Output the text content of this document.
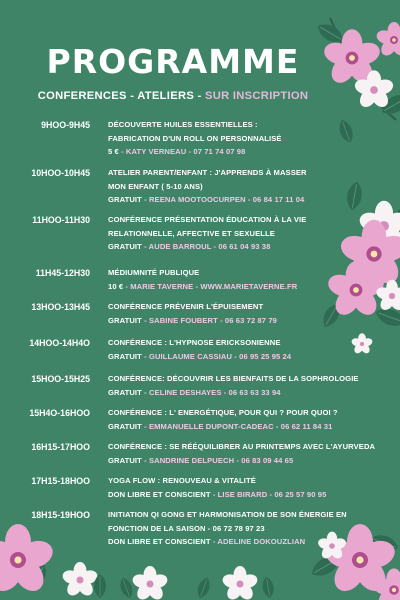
PROGRAMME
CONFERENCES - ATELIERS - SUR INSCRIPTION
9HOO-9H45 DÉCOUVERTE HUILES ESSENTIELLES :
FABRICATION D'UN ROLL ON PERSONNALISÉ
5 € - KATY VERNEAU - 07 71 74 07 98
10HOO-10H45 ATELIER PARENT/ENFANT : J'APPRENDS À MASSER
MON ENFANT ( 5-10 ANS)
GRATUIT - REENA MOOTOOCURPEN - 06 84 17 11 04
11HOO-11H30 CONFÉRENCE PRÉSENTATION ÉDUCATION À LA VIE
RELATIONNELLE, AFFECTIVE ET SEXUELLE
GRATUIT - AUDE BARROUL - 06 61 04 93 38
11H45-12H30 MÉDIUMNITÉ PUBLIQUE
10 € - MARIE TAVERNE - WWW.MARIETAVERNE.FR
13HOO-13H45 CONFÉRENCE PRÉVENIR L'ÉPUISEMENT
GRATUIT - SABINE FOUBERT - 06 63 72 87 79
14HOO-14H4O CONFÉRENCE : L'HYPNOSE ERICKSONIENNE
GRATUIT - GUILLAUME CASSIAU - 06 95 25 95 24
15HOO-15H25 CONFÉRENCE: DÉCOUVRIR LES BIENFAITS DE LA SOPHROLOGIE
GRATUIT - CELINE DESHAYES - 06 63 63 33 94
15H4O-16HOO CONFÉRENCE : L' ENERGÉTIQUE, POUR QUI ? POUR QUOI ?
GRATUIT - EMMANUELLE DUPONT-CADEAC - 06 62 11 84 31
16H15-17HOO CONFÉRENCE : SE RÉÉQUILIBRER AU PRINTEMPS AVEC L'AYURVEDA
GRATUIT - SANDRINE DELPUECH - 06 83 09 44 65
17H15-18HOO YOGA FLOW : RENOUVEAU & VITALITÉ
DON LIBRE ET CONSCIENT - LISE BIRARD - 06 25 57 90 95
18H15-19HOO INITIATION QI GONG ET HARMONISATION DE SON ÉNERGIE EN
FONCTION DE LA SAISON - 06 72 78 97 23
DON LIBRE ET CONSCIENT - ADELINE DOKOUZLIAN
